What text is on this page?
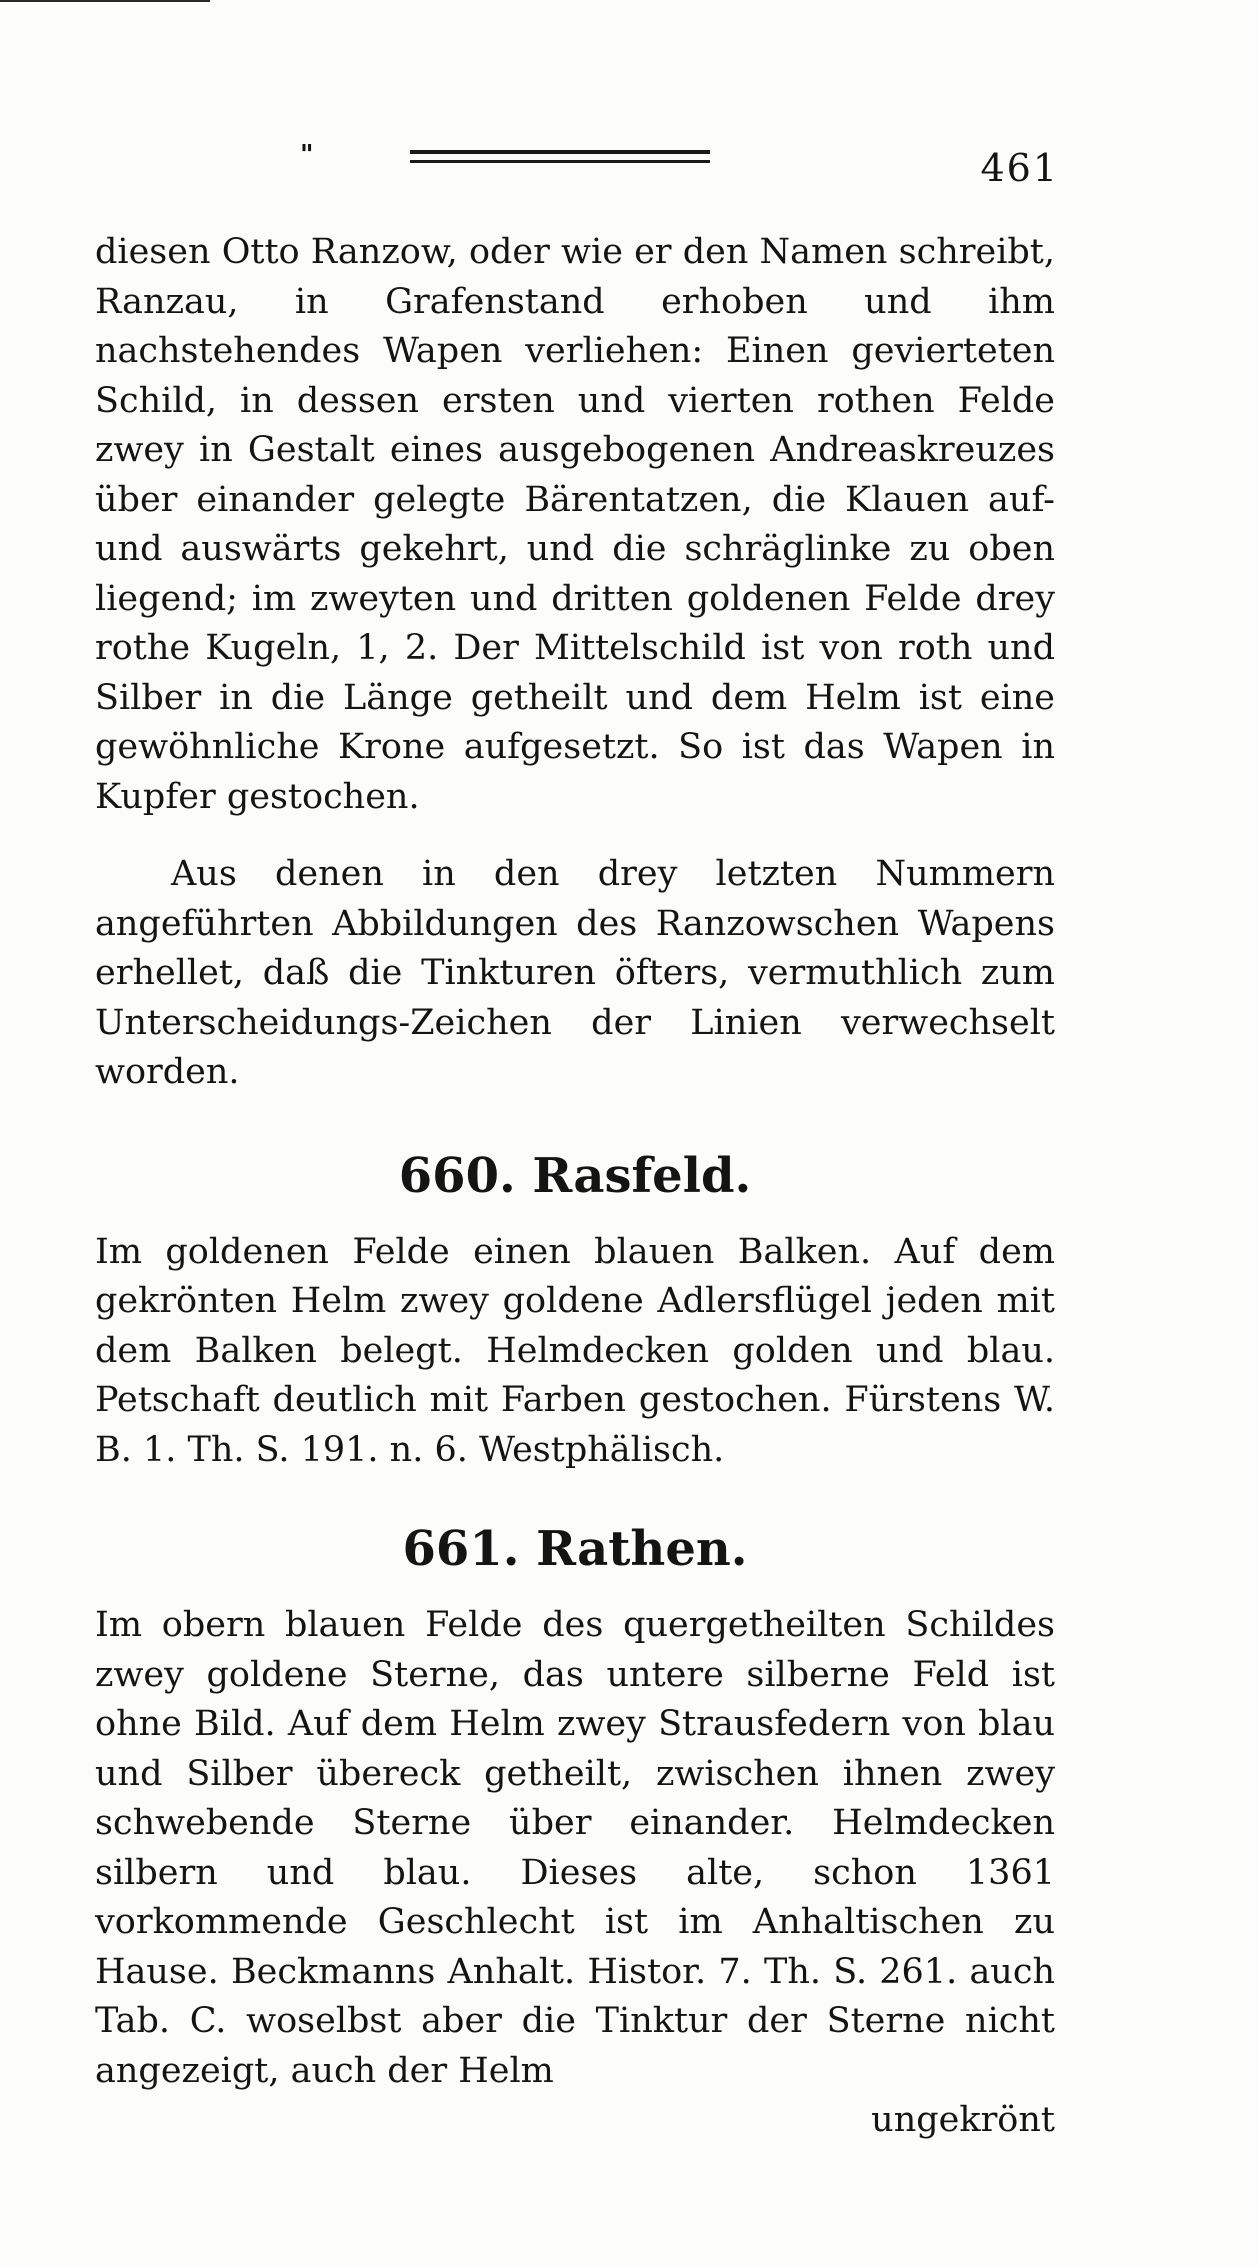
"	461

diesen Otto Ranzow, oder wie er den Namen schreibt, Ranzau, in Grafenstand erhoben und ihm nachstehendes Wapen verliehen: Einen gevierteten Schild, in dessen ersten und vierten rothen Felde zwey in Gestalt eines ausgebogenen Andreaskreuzes über einander gelegte Bärentatzen, die Klauen auf- und auswärts gekehrt, und die schräglinke zu oben liegend; im zweyten und dritten goldenen Felde drey rothe Kugeln, 1, 2. Der Mittelschild ist von roth und Silber in die Länge getheilt und dem Helm ist eine gewöhnliche Krone aufgesetzt. So ist das Wapen in Kupfer gestochen.

Aus denen in den drey letzten Nummern angeführten Abbildungen des Ranzowschen Wapens erhellet, daß die Tinkturen öfters, vermuthlich zum Unterscheidungs-Zeichen der Linien verwechselt worden.

660. Rasfeld.

Im goldenen Felde einen blauen Balken. Auf dem gekrönten Helm zwey goldene Adlersflügel jeden mit dem Balken belegt. Helmdecken golden und blau. Petschaft deutlich mit Farben gestochen. Fürstens W. B. 1. Th. S. 191. n. 6. Westphälisch.

661. Rathen.

Im obern blauen Felde des quergetheilten Schildes zwey goldene Sterne, das untere silberne Feld ist ohne Bild. Auf dem Helm zwey Strausfedern von blau und Silber übereck getheilt, zwischen ihnen zwey schwebende Sterne über einander. Helmdecken silbern und blau. Dieses alte, schon 1361 vorkommende Geschlecht ist im Anhaltischen zu Hause. Beckmanns Anhalt. Histor. 7. Th. S. 261. auch Tab. C. woselbst aber die Tinktur der Sterne nicht angezeigt, auch der Helm

ungekrönt
